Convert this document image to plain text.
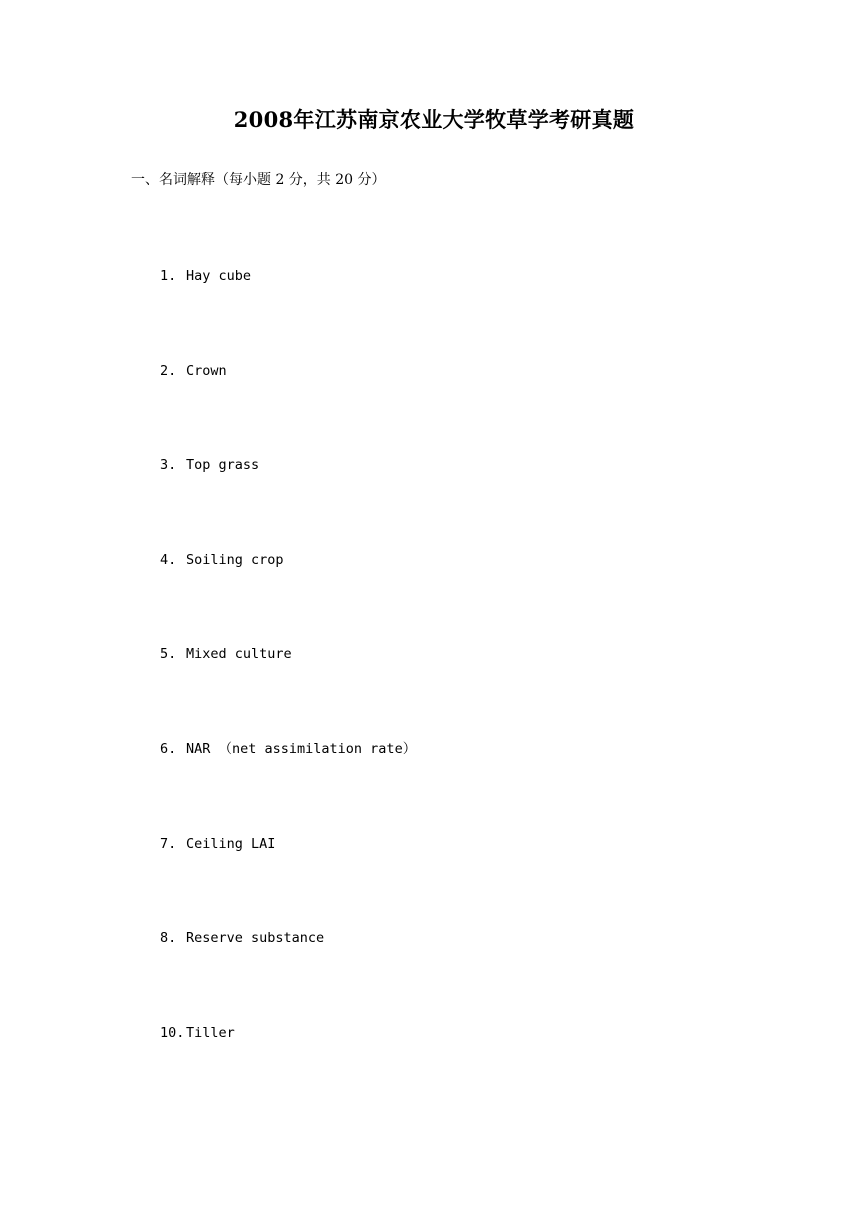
2008年江苏南京农业大学牧草学考研真题
一、名词解释（每小题 2 分，共 20 分）
1. Hay cube
2. Crown
3. Top grass
4. Soiling crop
5. Mixed culture
6. NAR （net assimilation rate）
7. Ceiling LAI
8. Reserve substance
10. Tiller
